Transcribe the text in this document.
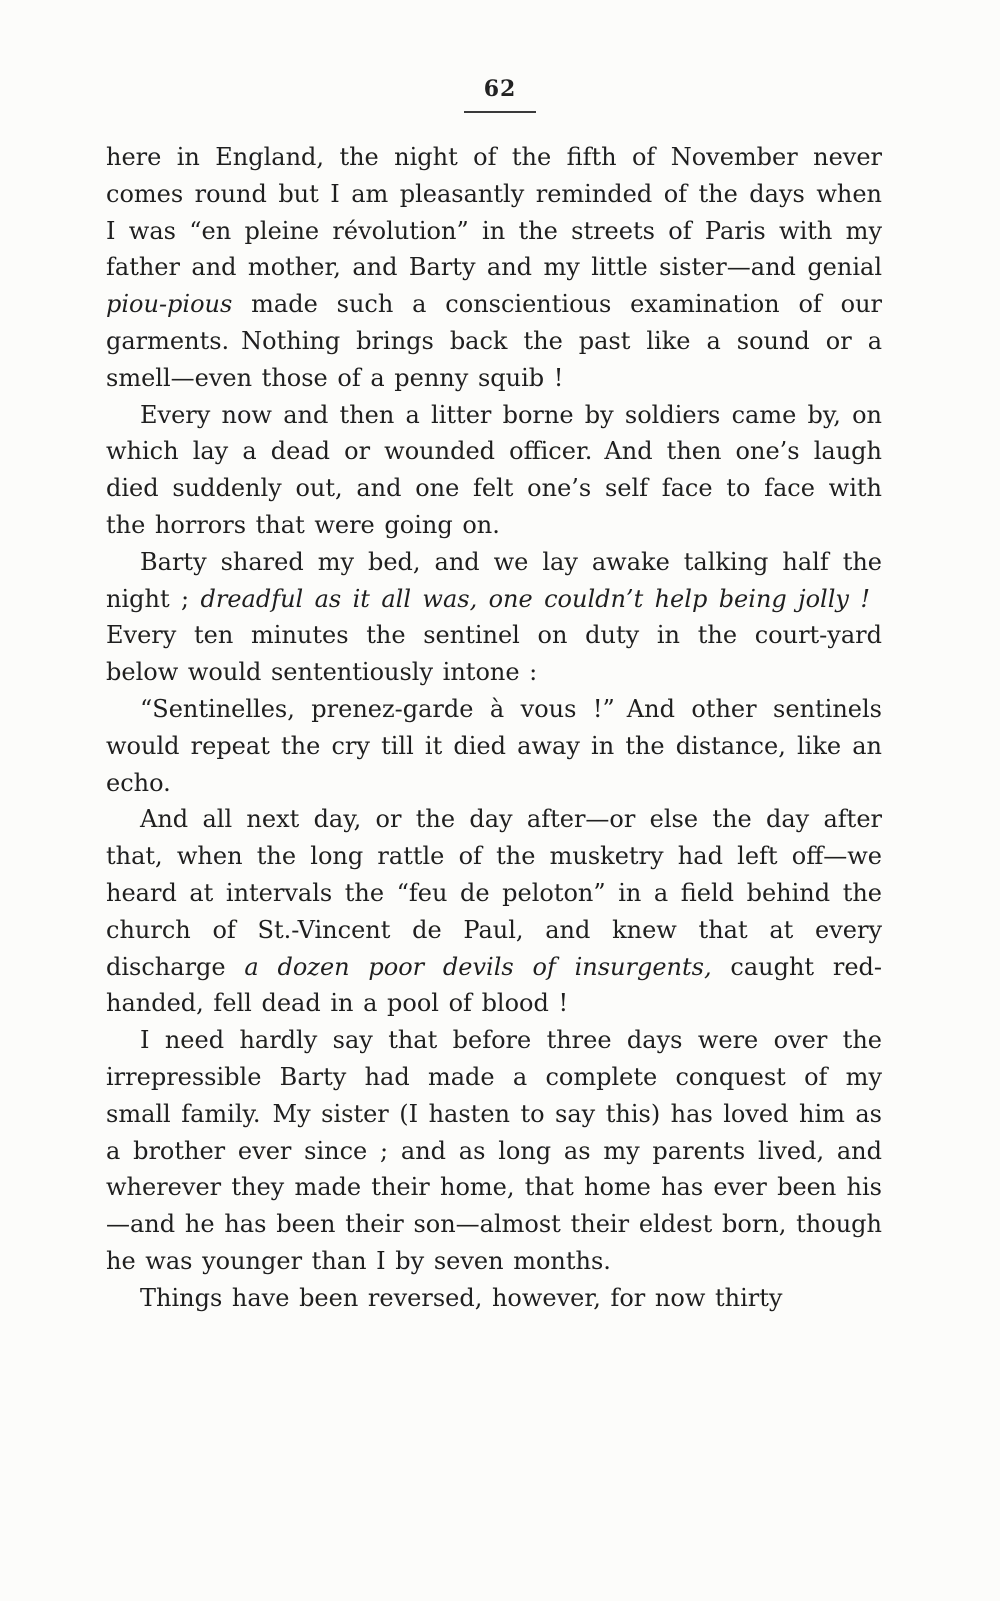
62

here in England, the night of the fifth of November never comes round but I am pleasantly reminded of the days when I was “en pleine révolution” in the streets of Paris with my father and mother, and Barty and my little sister—and genial piou-pious made such a conscientious examination of our garments. Nothing brings back the past like a sound or a smell—even those of a penny squib !

Every now and then a litter borne by soldiers came by, on which lay a dead or wounded officer. And then one’s laugh died suddenly out, and one felt one’s self face to face with the horrors that were going on.

Barty shared my bed, and we lay awake talking half the night ; dreadful as it all was, one couldn’t help being jolly ! Every ten minutes the sentinel on duty in the court-yard below would sententiously intone :

“Sentinelles, prenez-garde à vous !” And other sentinels would repeat the cry till it died away in the distance, like an echo.

And all next day, or the day after—or else the day after that, when the long rattle of the musketry had left off—we heard at intervals the “feu de peloton” in a field behind the church of St.-Vincent de Paul, and knew that at every discharge a dozen poor devils of insurgents, caught red-handed, fell dead in a pool of blood !

I need hardly say that before three days were over the irrepressible Barty had made a complete conquest of my small family. My sister (I hasten to say this) has loved him as a brother ever since ; and as long as my parents lived, and wherever they made their home, that home has ever been his—and he has been their son—almost their eldest born, though he was younger than I by seven months.

Things have been reversed, however, for now thirty
